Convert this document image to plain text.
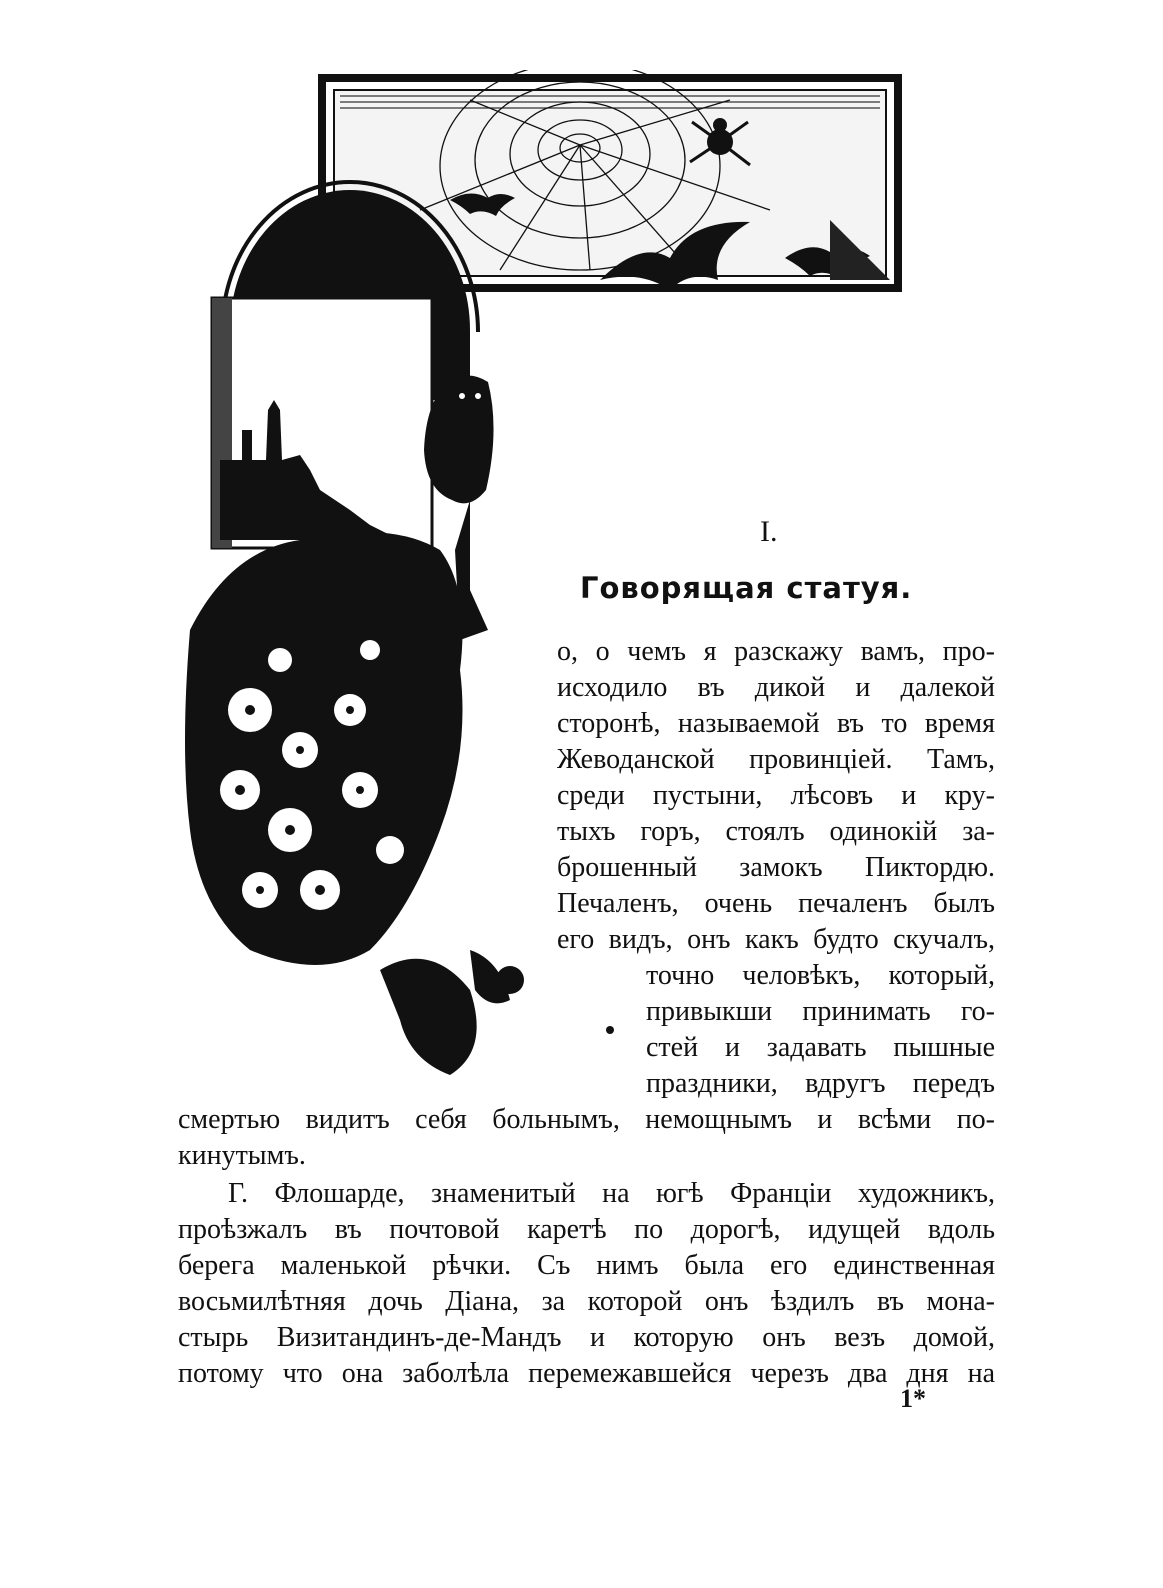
I.
Говорящая статуя.
о, о чемъ я разскажу вамъ, про-
исходило въ дикой и далекой
сторонѣ, называемой въ то время
Жеводанской провинціей. Тамъ,
среди пустыни, лѣсовъ и кру-
тыхъ горъ, стоялъ одинокій за-
брошенный замокъ Пиктордю.
Печаленъ, очень печаленъ былъ
его видъ, онъ какъ будто скучалъ,
точно человѣкъ, который,
привыкши принимать го-
стей и задавать пышные
праздники, вдругъ передъ
смертью видитъ себя больнымъ, немощнымъ и всѣми по-
кинутымъ.
Г. Флошарде, знаменитый на югѣ Франціи художникъ,
проѣзжалъ въ почтовой каретѣ по дорогѣ, идущей вдоль
берега маленькой рѣчки. Съ нимъ была его единственная
восьмилѣтняя дочь Діана, за которой онъ ѣздилъ въ мона-
стырь Визитандинъ-де-Мандъ и которую онъ везъ домой,
потому что она заболѣла перемежавшейся черезъ два дня на
1*
